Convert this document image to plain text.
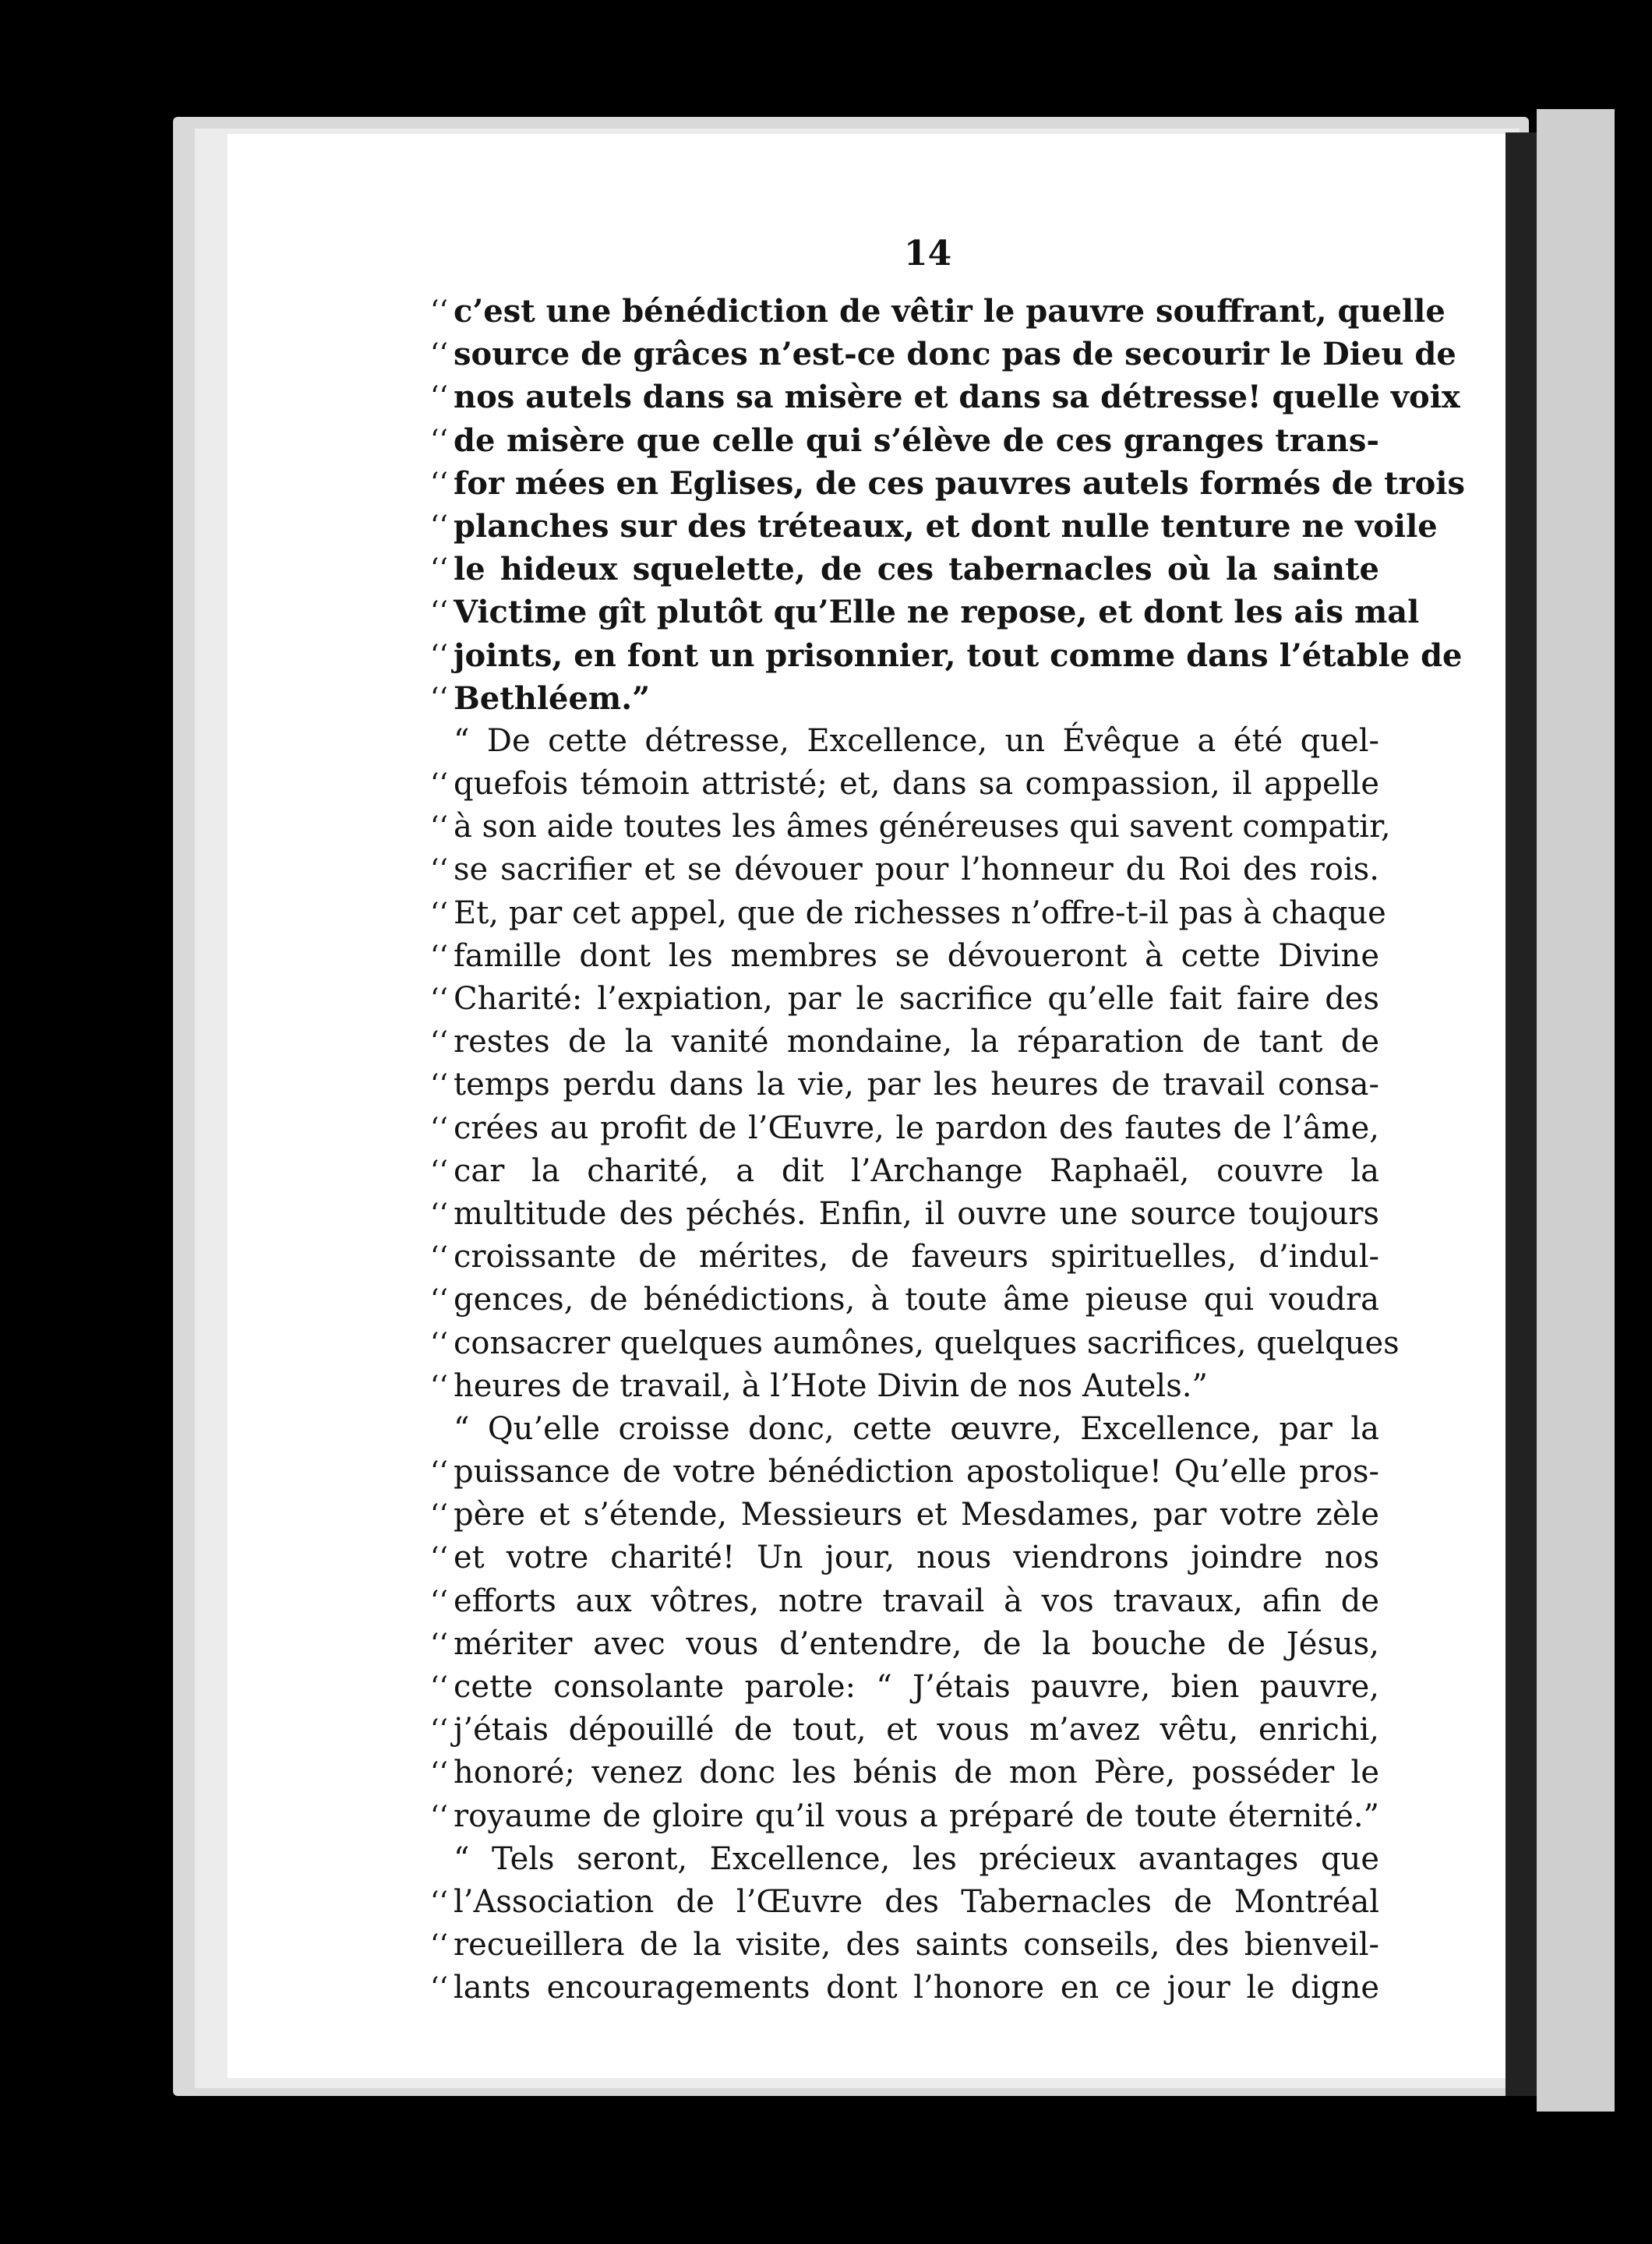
14
‘‘ c’est une bénédiction de vêtir le pauvre souffrant, quelle
‘‘ source de grâces n’est-ce donc pas de secourir le Dieu de
‘‘ nos autels dans sa misère et dans sa détresse! quelle voix
‘‘ de misère que celle qui s’élève de ces granges trans-
‘‘ for mées en Eglises, de ces pauvres autels formés de trois
‘‘ planches sur des tréteaux, et dont nulle tenture ne voile
‘‘ le hideux squelette, de ces tabernacles où la sainte
‘‘ Victime gît plutôt qu’Elle ne repose, et dont les ais mal
‘‘ joints, en font un prisonnier, tout comme dans l’étable de
‘‘ Bethléem.”
“ De cette détresse, Excellence, un Évêque a été quel-
‘‘ quefois témoin attristé; et, dans sa compassion, il appelle
‘‘ à son aide toutes les âmes généreuses qui savent compatir,
‘‘ se sacrifier et se dévouer pour l’honneur du Roi des rois.
‘‘ Et, par cet appel, que de richesses n’offre-t-il pas à chaque
‘‘ famille dont les membres se dévoueront à cette Divine
‘‘ Charité: l’expiation, par le sacrifice qu’elle fait faire des
‘‘ restes de la vanité mondaine, la réparation de tant de
‘‘ temps perdu dans la vie, par les heures de travail consa-
‘‘ crées au profit de l’Œuvre, le pardon des fautes de l’âme,
‘‘ car la charité, a dit l’Archange Raphaël, couvre la
‘‘ multitude des péchés. Enfin, il ouvre une source toujours
‘‘ croissante de mérites, de faveurs spirituelles, d’indul-
‘‘ gences, de bénédictions, à toute âme pieuse qui voudra
‘‘ consacrer quelques aumônes, quelques sacrifices, quelques
‘‘ heures de travail, à l’Hote Divin de nos Autels.”
“ Qu’elle croisse donc, cette œuvre, Excellence, par la
‘‘ puissance de votre bénédiction apostolique! Qu’elle pros-
‘‘ père et s’étende, Messieurs et Mesdames, par votre zèle
‘‘ et votre charité! Un jour, nous viendrons joindre nos
‘‘ efforts aux vôtres, notre travail à vos travaux, afin de
‘‘ mériter avec vous d’entendre, de la bouche de Jésus,
‘‘ cette consolante parole: “ J’étais pauvre, bien pauvre,
‘‘ j’étais dépouillé de tout, et vous m’avez vêtu, enrichi,
‘‘ honoré; venez donc les bénis de mon Père, posséder le
‘‘ royaume de gloire qu’il vous a préparé de toute éternité.”
“ Tels seront, Excellence, les précieux avantages que
‘‘ l’Association de l’Œuvre des Tabernacles de Montréal
‘‘ recueillera de la visite, des saints conseils, des bienveil-
‘‘ lants encouragements dont l’honore en ce jour le digne
